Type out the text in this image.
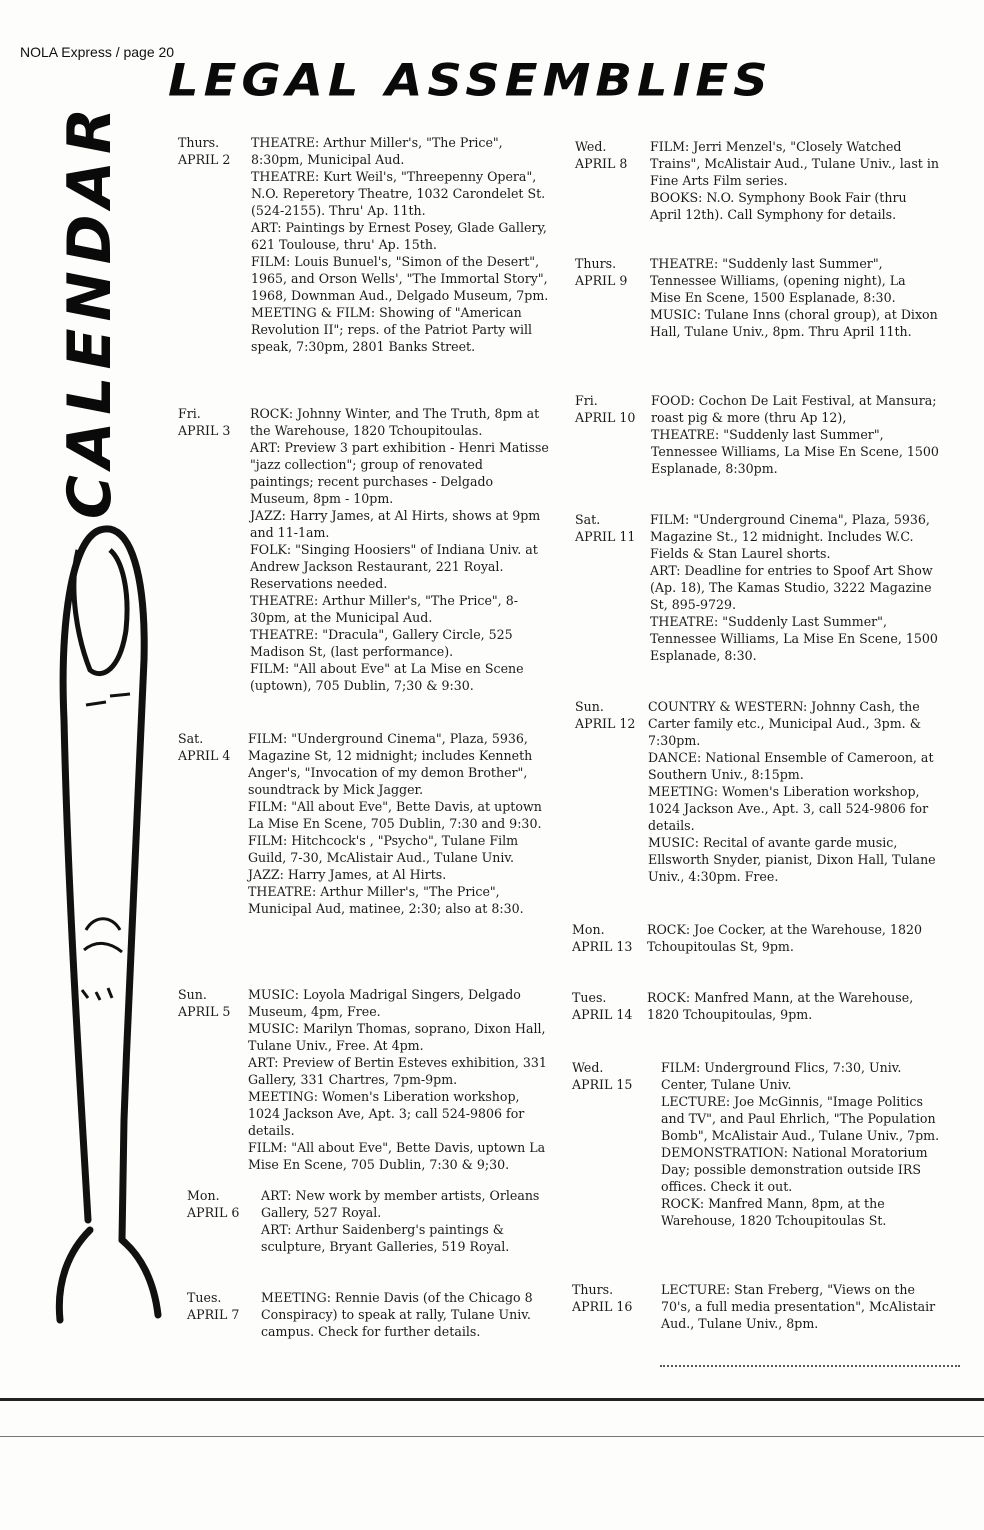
NOLA Express / page 20
LEGAL ASSEMBLIES
CALENDAR	Thurs.
APRIL 2
THEATRE: Arthur Miller's, "The Price", 8:30pm, Municipal Aud.
THEATRE: Kurt Weil's, "Threepenny Opera", N.O. Reperetory Theatre, 1032 Carondelet St. (524-2155). Thru' Ap. 11th.
ART: Paintings by Ernest Posey, Glade Gallery, 621 Toulouse, thru' Ap. 15th.
FILM: Louis Bunuel's, "Simon of the Desert", 1965, and Orson Wells', "The Immortal Story", 1968, Downman Aud., Delgado Museum, 7pm.
MEETING & FILM: Showing of "American Revolution II"; reps. of the Patriot Party will speak, 7:30pm, 2801 Banks Street.
Fri.
APRIL 3
ROCK: Johnny Winter, and The Truth, 8pm at the Warehouse, 1820 Tchoupitoulas.
ART: Preview 3 part exhibition - Henri Matisse "jazz collection"; group of renovated paintings; recent purchases - Delgado Museum, 8pm - 10pm.
JAZZ: Harry James, at Al Hirts, shows at 9pm and 11-1am.
FOLK: "Singing Hoosiers" of Indiana Univ. at Andrew Jackson Restaurant, 221 Royal. Reservations needed.
THEATRE: Arthur Miller's, "The Price", 8-30pm, at the Municipal Aud.
THEATRE: "Dracula", Gallery Circle, 525 Madison St, (last performance).
FILM: "All about Eve" at La Mise en Scene (uptown), 705 Dublin, 7;30 & 9:30.
Sat.
APRIL 4
FILM: "Underground Cinema", Plaza, 5936, Magazine St, 12 midnight; includes Kenneth Anger's, "Invocation of my demon Brother", soundtrack by Mick Jagger.
FILM: "All about Eve", Bette Davis, at uptown La Mise En Scene, 705 Dublin, 7:30 and 9:30.
FILM: Hitchcock's , "Psycho", Tulane Film Guild, 7-30, McAlistair Aud., Tulane Univ.
JAZZ: Harry James, at Al Hirts.
THEATRE: Arthur Miller's, "The Price", Municipal Aud, matinee, 2:30; also at 8:30.
Sun.
APRIL 5
MUSIC: Loyola Madrigal Singers, Delgado Museum, 4pm, Free.
MUSIC: Marilyn Thomas, soprano, Dixon Hall, Tulane Univ., Free. At 4pm.
ART: Preview of Bertin Esteves exhibition, 331 Gallery, 331 Chartres, 7pm-9pm.
MEETING: Women's Liberation workshop, 1024 Jackson Ave, Apt. 3; call 524-9806 for details.
FILM: "All about Eve", Bette Davis, uptown La Mise En Scene, 705 Dublin, 7:30 & 9;30.
Mon.
APRIL 6
ART: New work by member artists, Orleans Gallery, 527 Royal.
ART: Arthur Saidenberg's paintings & sculpture, Bryant Galleries, 519 Royal.
Tues.
APRIL 7
MEETING: Rennie Davis (of the Chicago 8 Conspiracy) to speak at rally, Tulane Univ. campus. Check for further details.
Wed.
APRIL 8
FILM: Jerri Menzel's, "Closely Watched Trains", McAlistair Aud., Tulane Univ., last in Fine Arts Film series.
BOOKS: N.O. Symphony Book Fair (thru April 12th). Call Symphony for details.
Thurs.
APRIL 9
THEATRE: "Suddenly last Summer", Tennessee Williams, (opening night), La Mise En Scene, 1500 Esplanade, 8:30.
MUSIC: Tulane Inns (choral group), at Dixon Hall, Tulane Univ., 8pm. Thru April 11th.
Fri.
APRIL 10
FOOD: Cochon De Lait Festival, at Mansura; roast pig & more (thru Ap 12),
THEATRE: "Suddenly last Summer", Tennessee Williams, La Mise En Scene, 1500 Esplanade, 8:30pm.
Sat.
APRIL 11
FILM: "Underground Cinema", Plaza, 5936, Magazine St., 12 midnight. Includes W.C. Fields & Stan Laurel shorts.
ART: Deadline for entries to Spoof Art Show (Ap. 18), The Kamas Studio, 3222 Magazine St, 895-9729.
THEATRE: "Suddenly Last Summer", Tennessee Williams, La Mise En Scene, 1500 Esplanade, 8:30.
Sun.
APRIL 12
COUNTRY & WESTERN: Johnny Cash, the Carter family etc., Municipal Aud., 3pm. & 7:30pm.
DANCE: National Ensemble of Cameroon, at Southern Univ., 8:15pm.
MEETING: Women's Liberation workshop, 1024 Jackson Ave., Apt. 3, call 524-9806 for details.
MUSIC: Recital of avante garde music, Ellsworth Snyder, pianist, Dixon Hall, Tulane Univ., 4:30pm. Free.
Mon.
APRIL 13
ROCK: Joe Cocker, at the Warehouse, 1820 Tchoupitoulas St, 9pm.
Tues.
APRIL 14
ROCK: Manfred Mann, at the Warehouse, 1820 Tchoupitoulas, 9pm.
Wed.
APRIL 15
FILM: Underground Flics, 7:30, Univ. Center, Tulane Univ.
LECTURE: Joe McGinnis, "Image Politics and TV", and Paul Ehrlich, "The Population Bomb", McAlistair Aud., Tulane Univ., 7pm.
DEMONSTRATION: National Moratorium Day; possible demonstration outside IRS offices. Check it out.
ROCK: Manfred Mann, 8pm, at the Warehouse, 1820 Tchoupitoulas St.
Thurs.
APRIL 16
LECTURE: Stan Freberg, "Views on the 70's, a full media presentation", McAlistair Aud., Tulane Univ., 8pm.
